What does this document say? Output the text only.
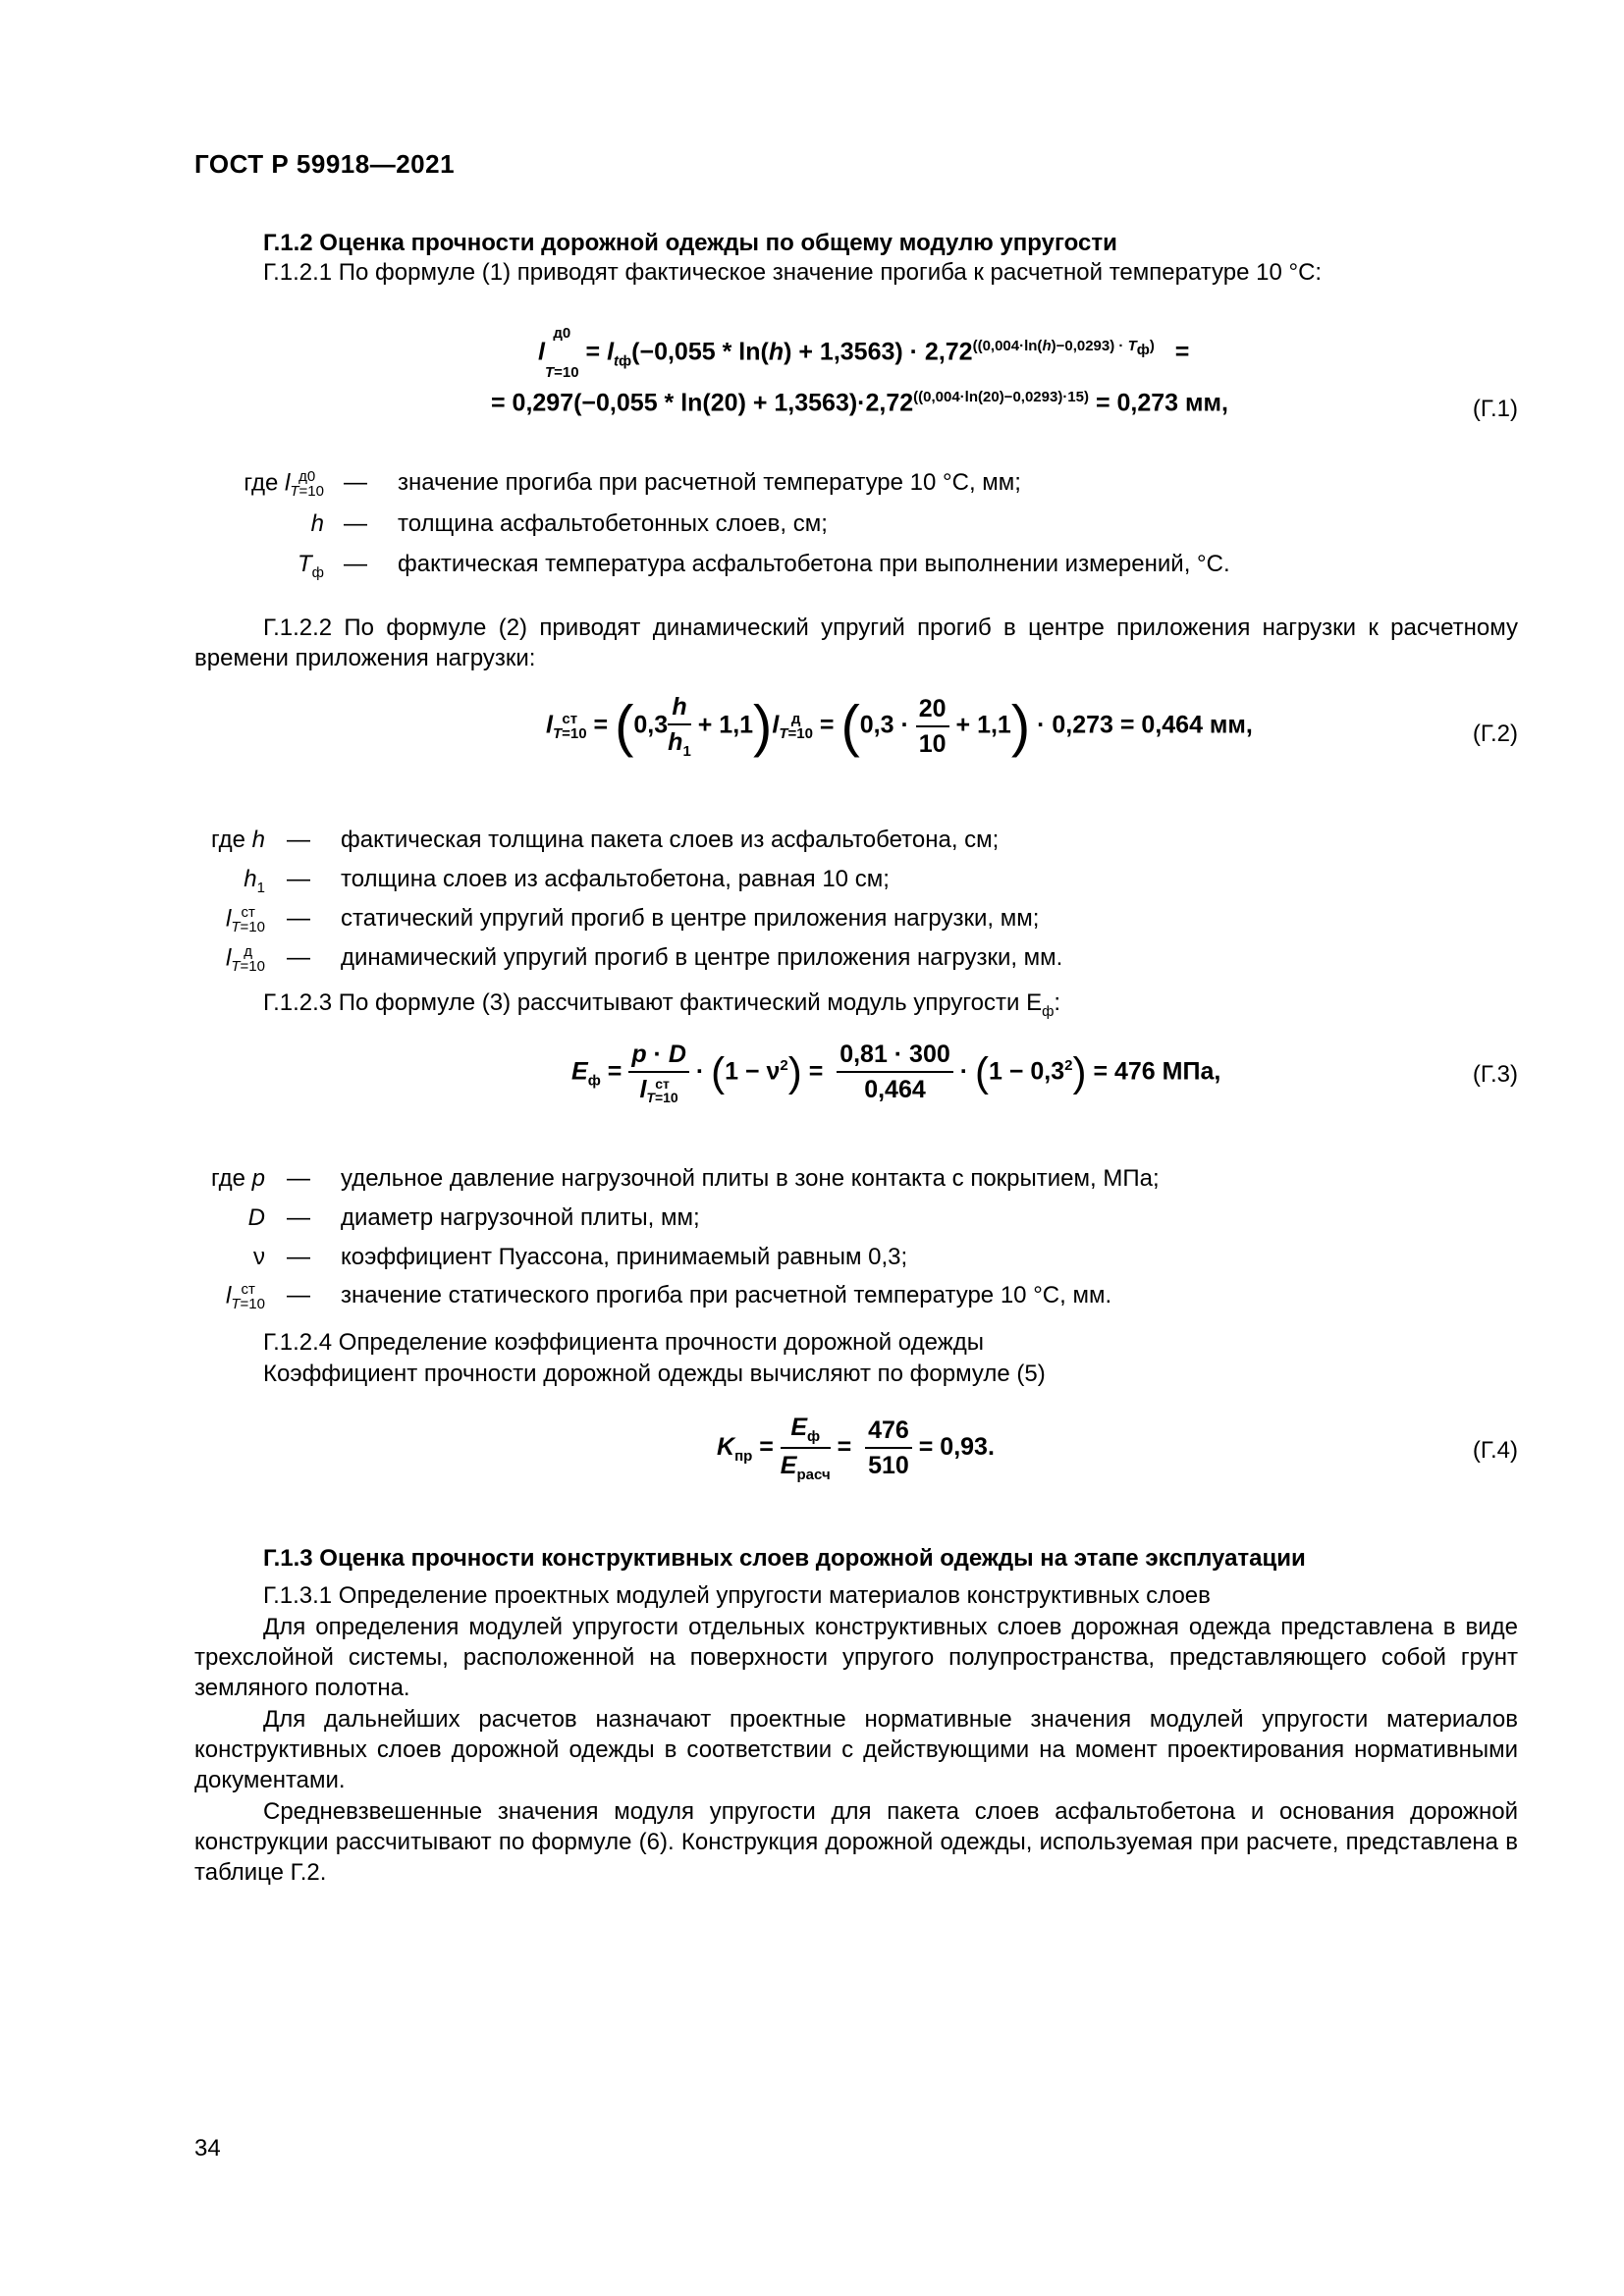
ГОСТ Р 59918—2021
Г.1.2 Оценка прочности дорожной одежды по общему модулю упругости
Г.1.2.1 По формуле (1) приводят фактическое значение прогиба к расчетной температуре 10 °С:
$l^{д0}$
$_{T=10} = l_{tф}(-0,055 * \ln(h) + 1,3563) \cdot 2,72^{((0,004\cdot ln(h)-0,0293) \cdot T_ф)}$   =
= $0,297(-0,055 * \ln(20) + 1,3563)\cdot 2,72^{((0,004\cdot ln(20)-0,0293)\cdot 15)} = 0,273$ мм,	(Г.1)
где l д0
T=10 — значение прогиба при расчетной температуре 10 °С, мм;
h — толщина асфальтобетонных слоев, см;
$T_ф$ — фактическая температура асфальтобетона при выполнении измерений, °С.
Г.1.2.2 По формуле (2) приводят динамический упругий прогиб в центре приложения нагрузки к расчетному времени приложения нагрузки:
l ст
$T=10 = (0,3 \frac{h}{h_1} + 1,1)l$ д
$T=10 = (0,3 \cdot \frac{20}{10} + 1,1) \cdot 0,273 = 0,464$ мм,	(Г.2)
где h — фактическая толщина пакета слоев из асфальтобетона, см;
$h_1$ — толщина слоев из асфальтобетона, равная 10 см;
l ст
T=10 — статический упругий прогиб в центре приложения нагрузки, мм;
l д
T=10 — динамический упругий прогиб в центре приложения нагрузки, мм.
Г.1.2.3 По формуле (3) рассчитывают фактический модуль упругости $E_ф$:
$E_ф$ =
p · D
l ст
T=10
· $(1 - \nu^2) = \frac{0,81 \cdot 300}{0,464} \cdot (1 - 0,3^2) = 476$ МПа,	(Г.3)
где p — удельное давление нагрузочной плиты в зоне контакта с покрытием, МПа;
D — диаметр нагрузочной плиты, мм;
ν — коэффициент Пуассона, принимаемый равным 0,3;
l ст
T=10 — значение статического прогиба при расчетной температуре 10 °С, мм.
Г.1.2.4 Определение коэффициента прочности дорожной одежды
Коэффициент прочности дорожной одежды вычисляют по формуле (5)
$K_{пр} = \frac{E_ф}{E_{расч}} = \frac{476}{510} = 0,93$.	(Г.4)
Г.1.3 Оценка прочности конструктивных слоев дорожной одежды на этапе эксплуатации
Г.1.3.1 Определение проектных модулей упругости материалов конструктивных слоев
Для определения модулей упругости отдельных конструктивных слоев дорожная одежда представлена в виде трехслойной системы, расположенной на поверхности упругого полупространства, представляющего собой грунт земляного полотна.
Для дальнейших расчетов назначают проектные нормативные значения модулей упругости материалов конструктивных слоев дорожной одежды в соответствии с действующими на момент проектирования нормативными документами.
Средневзвешенные значения модуля упругости для пакета слоев асфальтобетона и основания дорожной конструкции рассчитывают по формуле (6). Конструкция дорожной одежды, используемая при расчете, представлена в таблице Г.2.
34
